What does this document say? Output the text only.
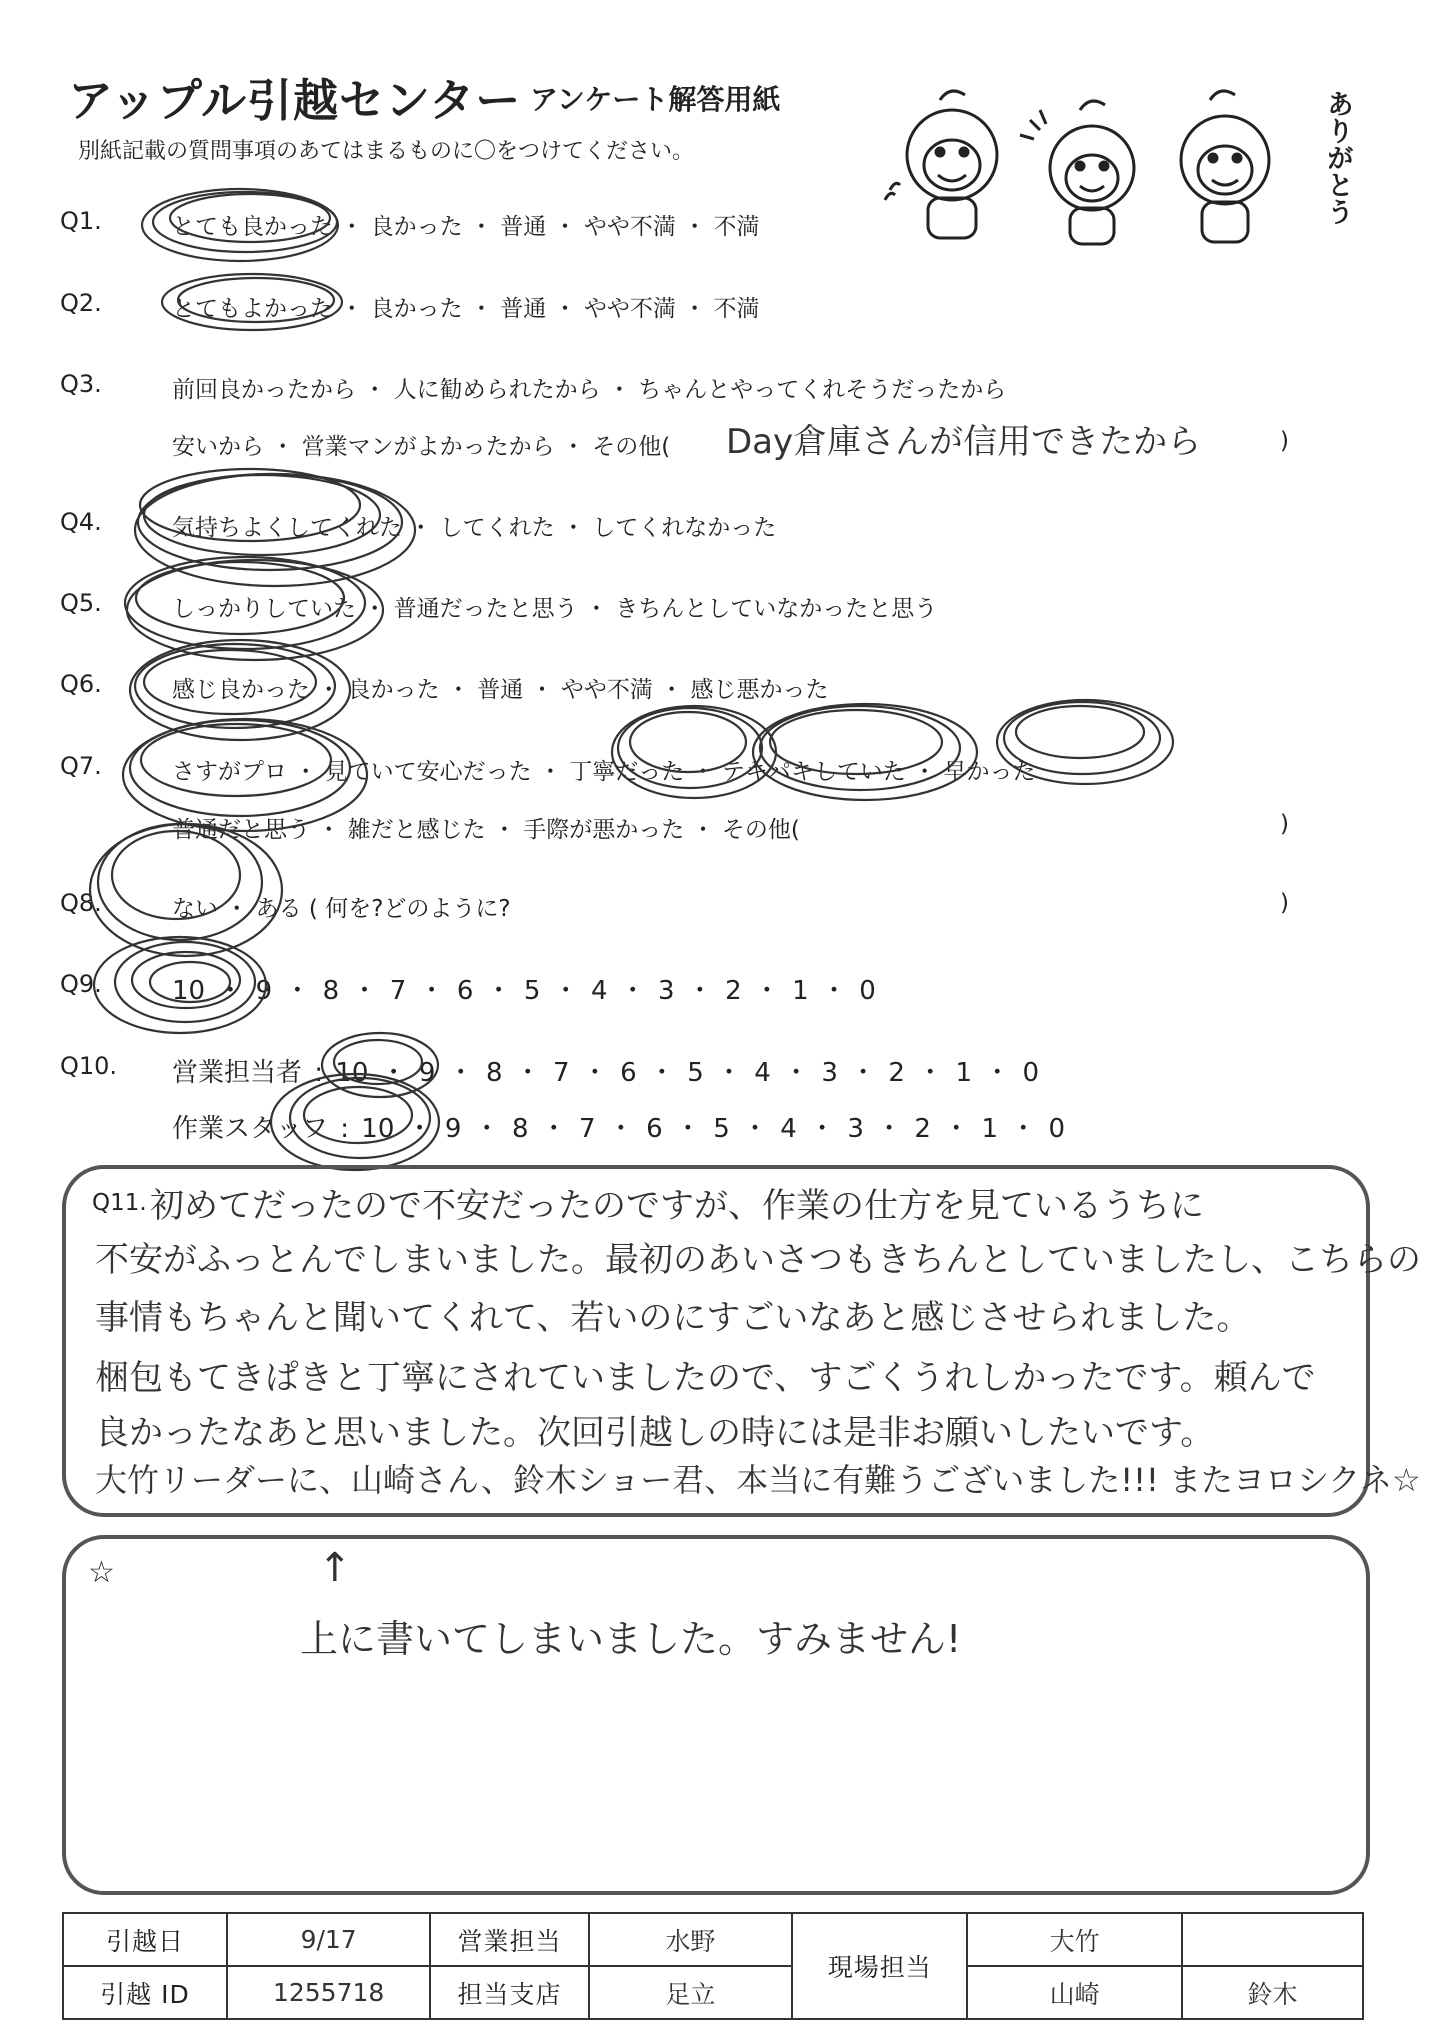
アップル引越センター アンケート解答用紙
別紙記載の質問事項のあてはまるものに〇をつけてください。	ありがとう
Q1.	とても良かった ・ 良かった ・ 普通 ・ やや不満 ・ 不満
Q2.	とてもよかった ・ 良かった ・ 普通 ・ やや不満 ・ 不満
Q3.	前回良かったから ・ 人に勧められたから ・ ちゃんとやってくれそうだったから
安いから ・ 営業マンがよかったから ・ その他( Day倉庫さんが信用できたから	)
Q4.	気持ちよくしてくれた ・ してくれた ・ してくれなかった
Q5.	しっかりしていた ・ 普通だったと思う ・ きちんとしていなかったと思う
Q6.	感じ良かった ・ 良かった ・ 普通 ・ やや不満 ・ 感じ悪かった
Q7.	さすがプロ ・ 見ていて安心だった ・ 丁寧だった ・ テキパキしていた ・ 早かった
普通だと思う ・ 雑だと感じた ・ 手際が悪かった ・ その他(	)
Q8.	ない ・ ある ( 何を?どのように?	)
Q9.	10 ・ 9 ・ 8 ・ 7 ・ 6 ・ 5 ・ 4 ・ 3 ・ 2 ・ 1 ・ 0
Q10. 営業担当者 : 10 ・ 9 ・ 8 ・ 7 ・ 6 ・ 5 ・ 4 ・ 3 ・ 2 ・ 1 ・ 0
作業スタッフ : 10 ・ 9 ・ 8 ・ 7 ・ 6 ・ 5 ・ 4 ・ 3 ・ 2 ・ 1 ・ 0
Q11. 初めてだったので不安だったのですが、作業の仕方を見ているうちに
不安がふっとんでしまいました。最初のあいさつもきちんとしていましたし、こちらの
事情もちゃんと聞いてくれて、若いのにすごいなあと感じさせられました。
梱包もてきぱきと丁寧にされていましたので、すごくうれしかったです。頼んで
良かったなあと思いました。次回引越しの時には是非お願いしたいです。
大竹リーダーに、山崎さん、鈴木ショー君、本当に有難うございました!!! またヨロシクネ☆
☆	↑
上に書いてしまいました。すみません!
引越日	9/17	営業担当	水野	現場担当	大竹	
引越 ID	1255718	担当支店	足立		山崎	鈴木
